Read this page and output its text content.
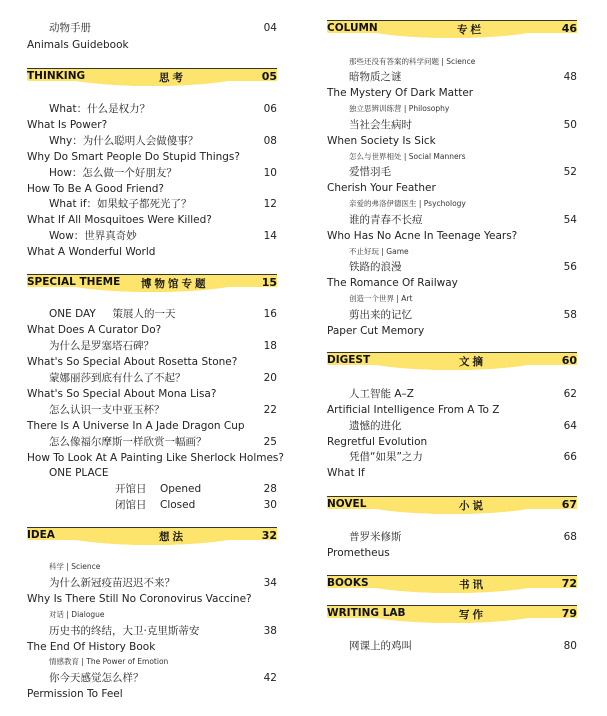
动物手册	04
Animals Guidebook
THINKING	思考	05
What：什么是权力？	06
What Is Power?
Why：为什么聪明人会做傻事？	08
Why Do Smart People Do Stupid Things?
How：怎么做一个好朋友？	10
How To Be A Good Friend?
What if：如果蚊子都死光了？	12
What If All Mosquitoes Were Killed?
Wow：世界真奇妙	14
What A Wonderful World
SPECIAL THEME 博物馆专题	15
ONE DAY     策展人的一天	16
What Does A Curator Do?
为什么是罗塞塔石碑？	18
What's So Special About Rosetta Stone?
蒙娜丽莎到底有什么了不起？	20
What's So Special About Mona Lisa?
怎么认识一支中亚玉杯？	22
There Is A Universe In A Jade Dragon Cup
怎么像福尔摩斯一样欣赏一幅画？	25
How To Look At A Painting Like Sherlock Holmes?
ONE PLACE
开馆日 Opened	28
闭馆日 Closed	30
IDEA	想法	32
科学 | Science
为什么新冠疫苗迟迟不来？	34
Why Is There Still No Coronovirus Vaccine?
对话 | Dialogue
历史书的终结，大卫·克里斯蒂安	38
The End Of History Book
情感教育 | The Power of Emotion
你今天感觉怎么样？	42
Permission To Feel
COLUMN	专栏	46
那些还没有答案的科学问题 | Science
暗物质之谜	48
The Mystery Of Dark Matter
独立思辨训练营 | Philosophy
当社会生病时	50
When Society Is Sick
怎么与世界相处 | Social Manners
爱惜羽毛	52
Cherish Your Feather
亲爱的弗洛伊德医生 | Psychology
谁的青春不长痘	54
Who Has No Acne In Teenage Years?
不止好玩 | Game
铁路的浪漫	56
The Romance Of Railway
创造一个世界 | Art
剪出来的记忆	58
Paper Cut Memory
DIGEST	文摘	60
人工智能 A–Z	62
Artificial Intelligence From A To Z
遗憾的进化	64
Regretful Evolution
凭借“如果”之力	66
What If
NOVEL	小说	67
普罗米修斯	68
Prometheus
BOOKS	书讯	72
WRITING LAB	写作	79
网课上的鸡叫	80
